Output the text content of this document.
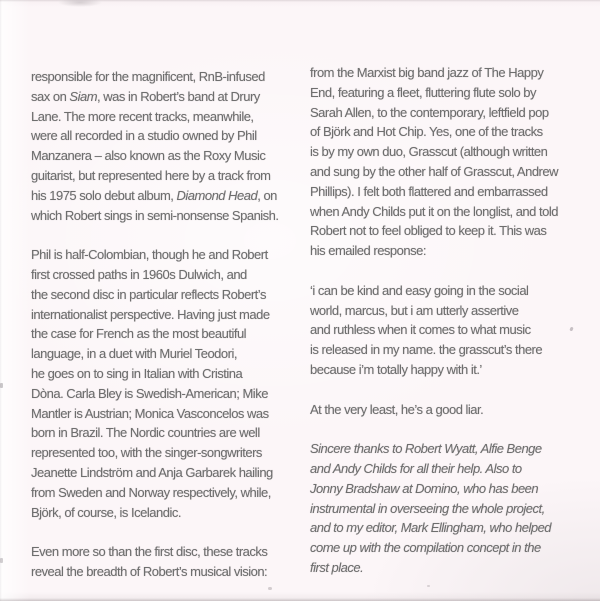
responsible for the magnificent, RnB-infused
sax on Siam, was in Robert’s band at Drury
Lane. The more recent tracks, meanwhile,
were all recorded in a studio owned by Phil
Manzanera – also known as the Roxy Music
guitarist, but represented here by a track from
his 1975 solo debut album, Diamond Head, on
which Robert sings in semi-nonsense Spanish.
Phil is half-Colombian, though he and Robert
first crossed paths in 1960s Dulwich, and
the second disc in particular reflects Robert’s
internationalist perspective. Having just made
the case for French as the most beautiful
language, in a duet with Muriel Teodori,
he goes on to sing in Italian with Cristina
Dòna. Carla Bley is Swedish-American; Mike
Mantler is Austrian; Monica Vasconcelos was
born in Brazil. The Nordic countries are well
represented too, with the singer-songwriters
Jeanette Lindström and Anja Garbarek hailing
from Sweden and Norway respectively, while,
Björk, of course, is Icelandic.
Even more so than the first disc, these tracks
reveal the breadth of Robert’s musical vision:
from the Marxist big band jazz of The Happy
End, featuring a fleet, fluttering flute solo by
Sarah Allen, to the contemporary, leftfield pop
of Björk and Hot Chip. Yes, one of the tracks
is by my own duo, Grasscut (although written
and sung by the other half of Grasscut, Andrew
Phillips). I felt both flattered and embarrassed
when Andy Childs put it on the longlist, and told
Robert not to feel obliged to keep it. This was
his emailed response:
‘i can be kind and easy going in the social
world, marcus, but i am utterly assertive
and ruthless when it comes to what music
is released in my name. the grasscut’s there
because i’m totally happy with it.’
At the very least, he’s a good liar.
Sincere thanks to Robert Wyatt, Alfie Benge
and Andy Childs for all their help. Also to
Jonny Bradshaw at Domino, who has been
instrumental in overseeing the whole project,
and to my editor, Mark Ellingham, who helped
come up with the compilation concept in the
first place.
